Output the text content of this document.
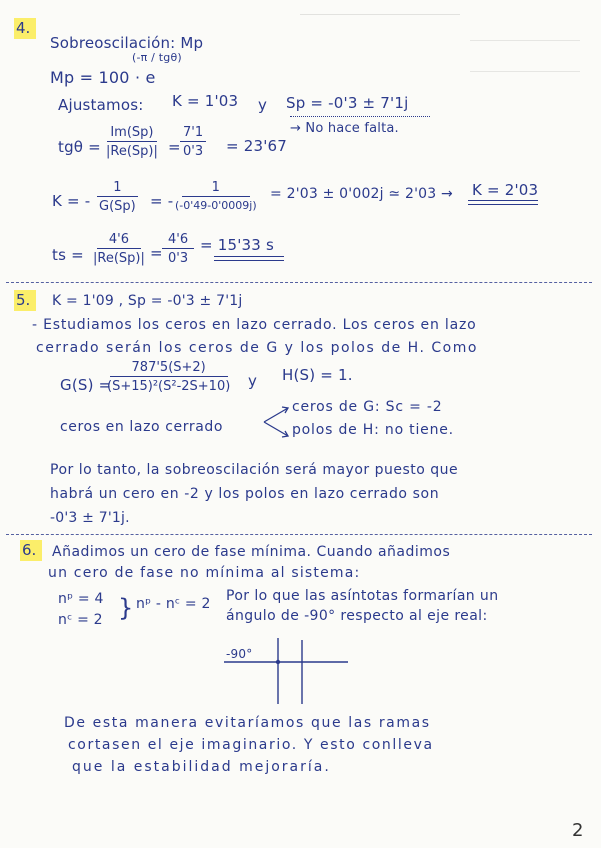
4.
Sobreoscilación: Mp
Mp = 100 · e
(-π / tgθ)
Ajustamos: K = 1'03 y Sp = -0'3 ± 7'1j
$tg\theta = \frac{Im(Sp)}{|Re(Sp)|} = \frac{7'1}{0'3} = 23'67$
→ No hace falta.
K = - $\frac{1}{G(Sp)}$ = -
1
(-0'49-0'0009j)
= 2'03 ± 0'002j ≃ 2'03 → K = 2'03
ts = $\frac{4'6}{|Re(Sp)|} = \frac{4'6}{0'3} = 15'33$ s
5.	K = 1'09 , Sp = -0'3 ± 7'1j
- Estudiamos los ceros en lazo cerrado. Los ceros en lazo
cerrado serán los ceros de G y los polos de H. Como
G(S) =
$\frac{787'5(S+2)}{\text{(S+15)²(S²-2S+10)}}$ y H(S) = 1.
ceros en lazo cerrado
ceros de G: Sc = -2
polos de H: no tiene.
Por lo tanto, la sobreoscilación será mayor puesto que
habrá un cero en -2 y los polos en lazo cerrado son
-0'3 ± 7'1j.
6.	Añadimos un cero de fase mínima. Cuando añadimos
un cero de fase no mínima al sistema:
nᵖ = 4
nᶜ = 2 } nᵖ - nᶜ = 2 Por lo que las asíntotas formarían un
ángulo de -90° respecto al eje real:
-90°
De esta manera evitaríamos que las ramas
cortasen el eje imaginario. Y esto conlleva
que la estabilidad mejoraría.
2
